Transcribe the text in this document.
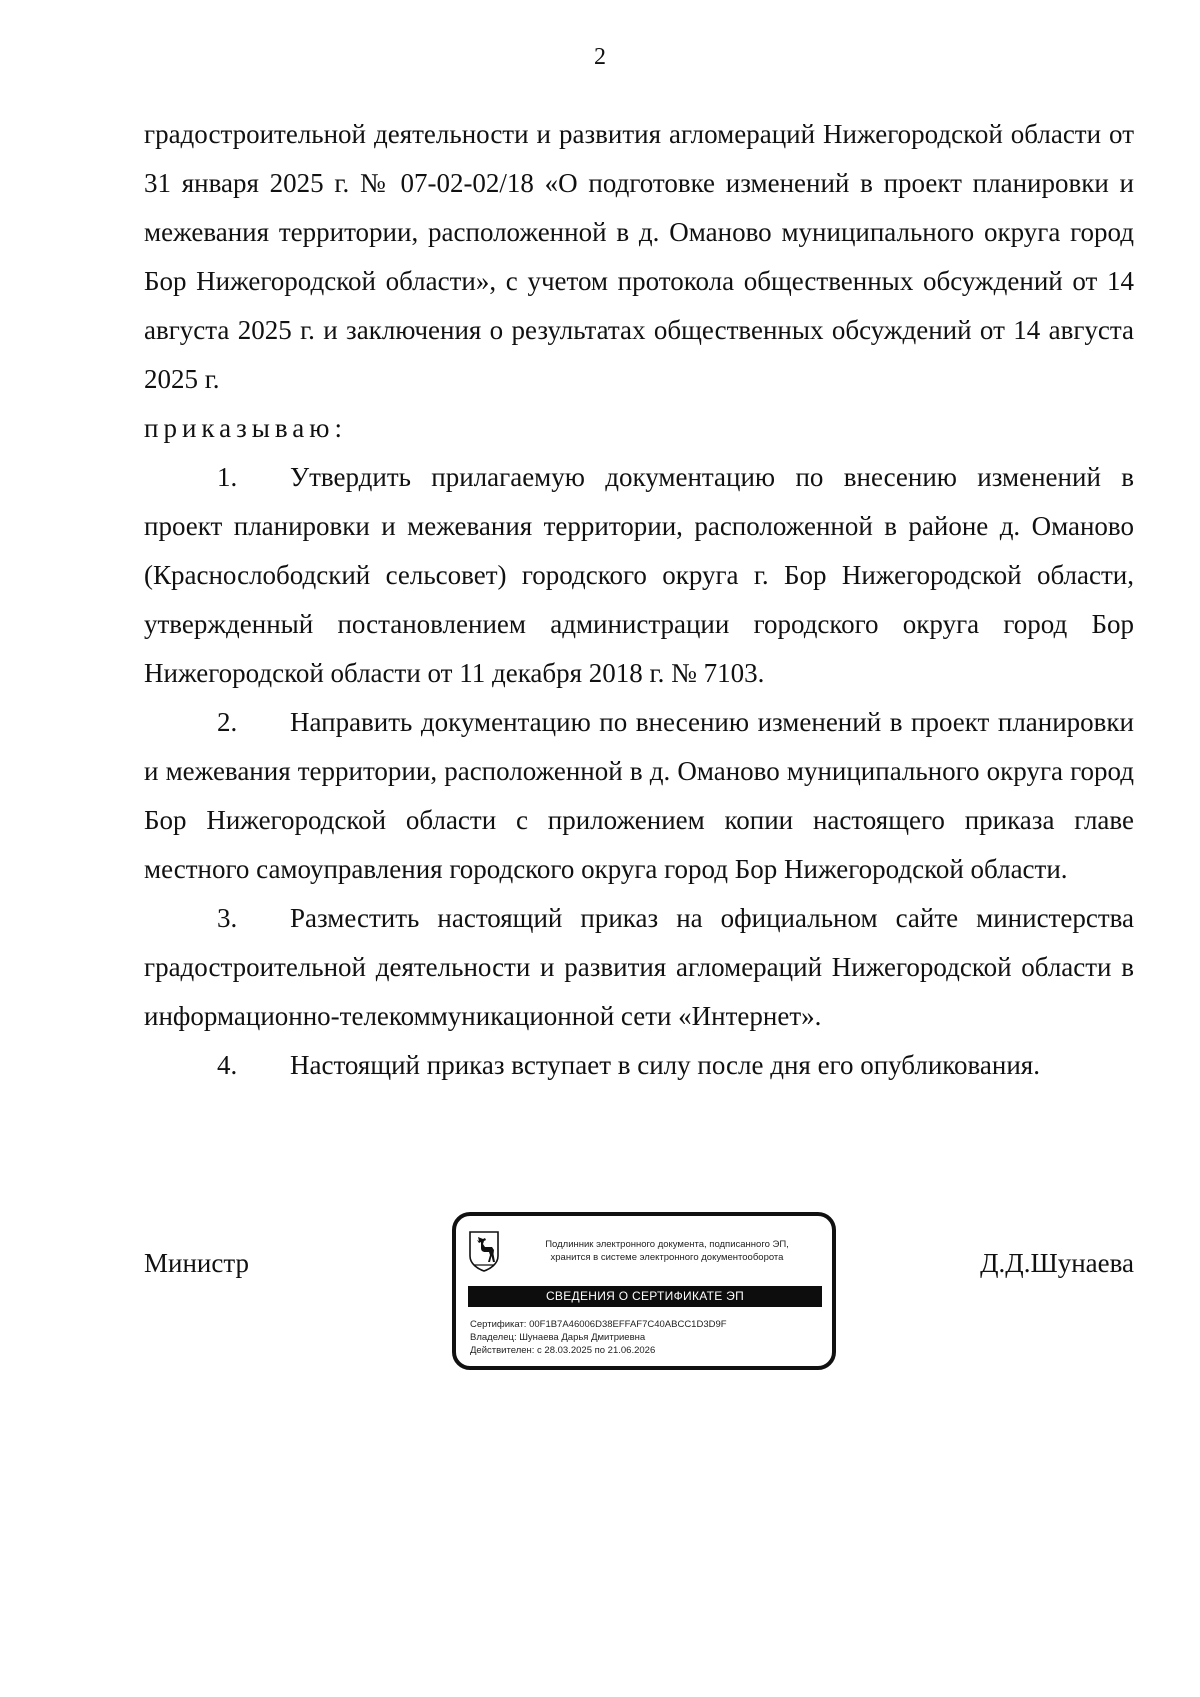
2

градостроительной деятельности и развития агломераций Нижегородской области от 31 января 2025 г. № 07-02-02/18 «О подготовке изменений в проект планировки и межевания территории, расположенной в д. Оманово муниципального округа город Бор Нижегородской области», с учетом протокола общественных обсуждений от 14 августа 2025 г. и заключения о результатах общественных обсуждений от 14 августа 2025 г.

приказываю:

1. Утвердить прилагаемую документацию по внесению изменений в проект планировки и межевания территории, расположенной в районе д. Оманово (Краснослободский сельсовет) городского округа г. Бор Нижегородской области, утвержденный постановлением администрации городского округа город Бор Нижегородской области от 11 декабря 2018 г. № 7103.

2. Направить документацию по внесению изменений в проект планировки и межевания территории, расположенной в д. Оманово муниципального округа город Бор Нижегородской области с приложением копии настоящего приказа главе местного самоуправления городского округа город Бор Нижегородской области.

3. Разместить настоящий приказ на официальном сайте министерства градостроительной деятельности и развития агломераций Нижегородской области в информационно-телекоммуникационной сети «Интернет».

4. Настоящий приказ вступает в силу после дня его опубликования.

Министр	Д.Д.Шунаева
Подлинник электронного документа, подписанного ЭП,
хранится в системе электронного документооборота
СВЕДЕНИЯ О СЕРТИФИКАТЕ ЭП
Сертификат: 00F1B7A46006D38EFFAF7C40ABCC1D3D9F
Владелец: Шунаева Дарья Дмитриевна
Действителен: с 28.03.2025 по 21.06.2026
